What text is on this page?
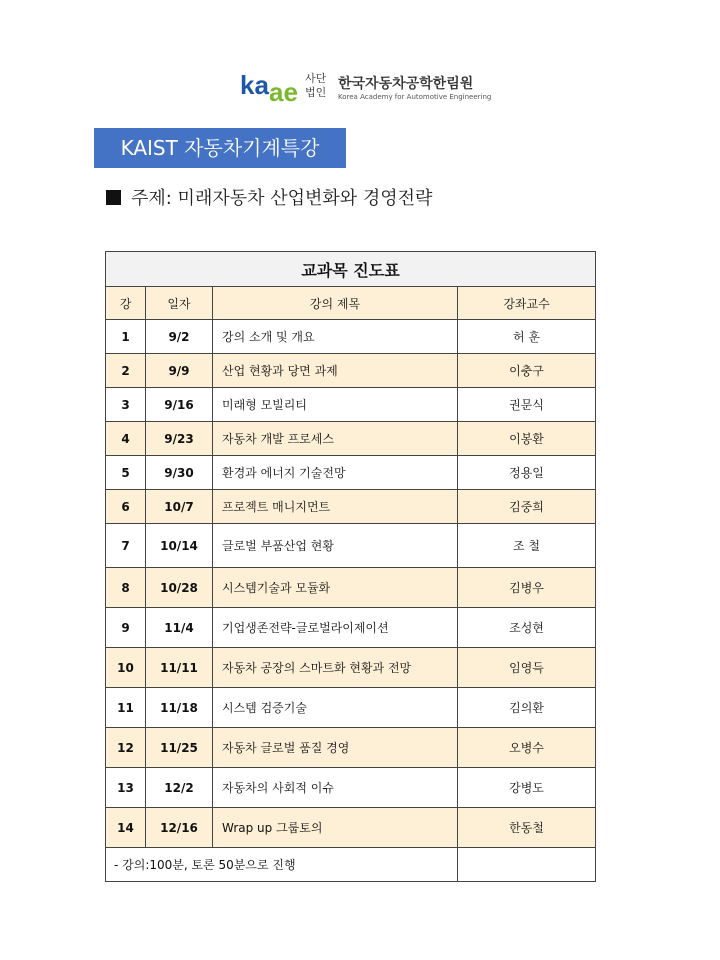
ka ae 사단
법인
한국자동차공학한림원
Korea Academy for Automotive Engineering
KAIST 자동차기계특강
주제: 미래자동차 산업변화와 경영전략
교과목 진도표			
강	일자	강의 제목	강좌교수
1	9/2	강의 소개 및 개요	허 훈
2	9/9	산업 현황과 당면 과제	이충구
3	9/16	미래형 모빌리티	권문식
4	9/23	자동차 개발 프로세스	이봉환
5	9/30	환경과 에너지 기술전망	정용일
6	10/7	프로젝트 매니지먼트	김중희
7	10/14	글로벌 부품산업 현황	조 철
8	10/28	시스템기술과 모듈화	김병우
9	11/4	기업생존전략-글로벌라이제이션	조성현
10	11/11	자동차 공장의 스마트화 현황과 전망	임영득
11	11/18	시스템 검증기술	김의환
12	11/25	자동차 글로벌 품질 경영	오병수
13	12/2	자동차의 사회적 이슈	강병도
14	12/16	Wrap up 그룹토의	한동철
- 강의:100분, 토론 50분으로 진행			
